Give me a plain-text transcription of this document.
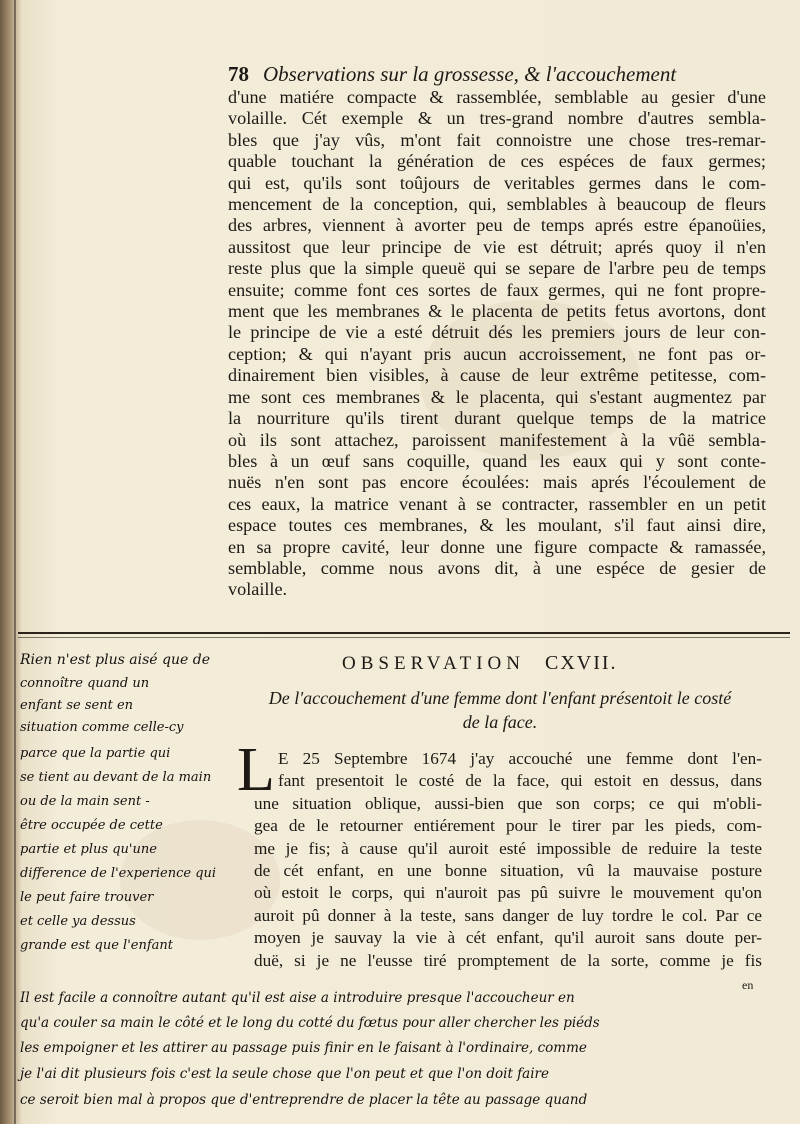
78 Observations sur la grossesse, & l'accouchement
d'une matiére compacte & rassemblée, semblable au gesier d'une
volaille. Cét exemple & un tres-grand nombre d'autres sembla-
bles que j'ay vûs, m'ont fait connoistre une chose tres-remar-
quable touchant la génération de ces espéces de faux germes;
qui est, qu'ils sont toûjours de veritables germes dans le com-
mencement de la conception, qui, semblables à beaucoup de fleurs
des arbres, viennent à avorter peu de temps aprés estre épanoüies,
aussitost que leur principe de vie est détruit; aprés quoy il n'en
reste plus que la simple queuë qui se separe de l'arbre peu de temps
ensuite; comme font ces sortes de faux germes, qui ne font propre-
ment que les membranes & le placenta de petits fetus avortons, dont
le principe de vie a esté détruit dés les premiers jours de leur con-
ception; & qui n'ayant pris aucun accroissement, ne font pas or-
dinairement bien visibles, à cause de leur extrême petitesse, com-
me sont ces membranes & le placenta, qui s'estant augmentez par
la nourriture qu'ils tirent durant quelque temps de la matrice
où ils sont attachez, paroissent manifestement à la vûë sembla-
bles à un œuf sans coquille, quand les eaux qui y sont conte-
nuës n'en sont pas encore écoulées: mais aprés l'écoulement de
ces eaux, la matrice venant à se contracter, rassembler en un petit
espace toutes ces membranes, & les moulant, s'il faut ainsi dire,
en sa propre cavité, leur donne une figure compacte & ramassée,
semblable, comme nous avons dit, à une espéce de gesier de
volaille.
OBSERVATION CXVII.
De l'accouchement d'une femme dont l'enfant présentoit le costé
de la face.
L E 25 Septembre 1674 j'ay accouché une femme dont l'en-
fant presentoit le costé de la face, qui estoit en dessus, dans
une situation oblique, aussi-bien que son corps; ce qui m'obli-
gea de le retourner entiérement pour le tirer par les pieds, com-
me je fis; à cause qu'il auroit esté impossible de reduire la teste
de cét enfant, en une bonne situation, vû la mauvaise posture
où estoit le corps, qui n'auroit pas pû suivre le mouvement qu'on
auroit pû donner à la teste, sans danger de luy tordre le col. Par ce
moyen je sauvay la vie à cét enfant, qu'il auroit sans doute per-
duë, si je ne l'eusse tiré promptement de la sorte, comme je fis
en
Rien n'est plus aisé que de
connoître quand un
enfant se sent en
situation comme celle-cy
parce que la partie qui
se tient au devant de la main
ou de la main sent -
être occupée de cette
partie et plus qu'une
difference de l'experience qui
le peut faire trouver
et celle ya dessus
grande est que l'enfant
Il est facile a connoître autant qu'il est aise a introduire presque l'accoucheur en
qu'a couler sa main le côté et le long du cotté du fœtus pour aller chercher les piéds
les empoigner et les attirer au passage puis finir en le faisant à l'ordinaire, comme
je l'ai dit plusieurs fois c'est la seule chose que l'on peut et que l'on doit faire
ce seroit bien mal à propos que d'entreprendre de placer la tête au passage quand
